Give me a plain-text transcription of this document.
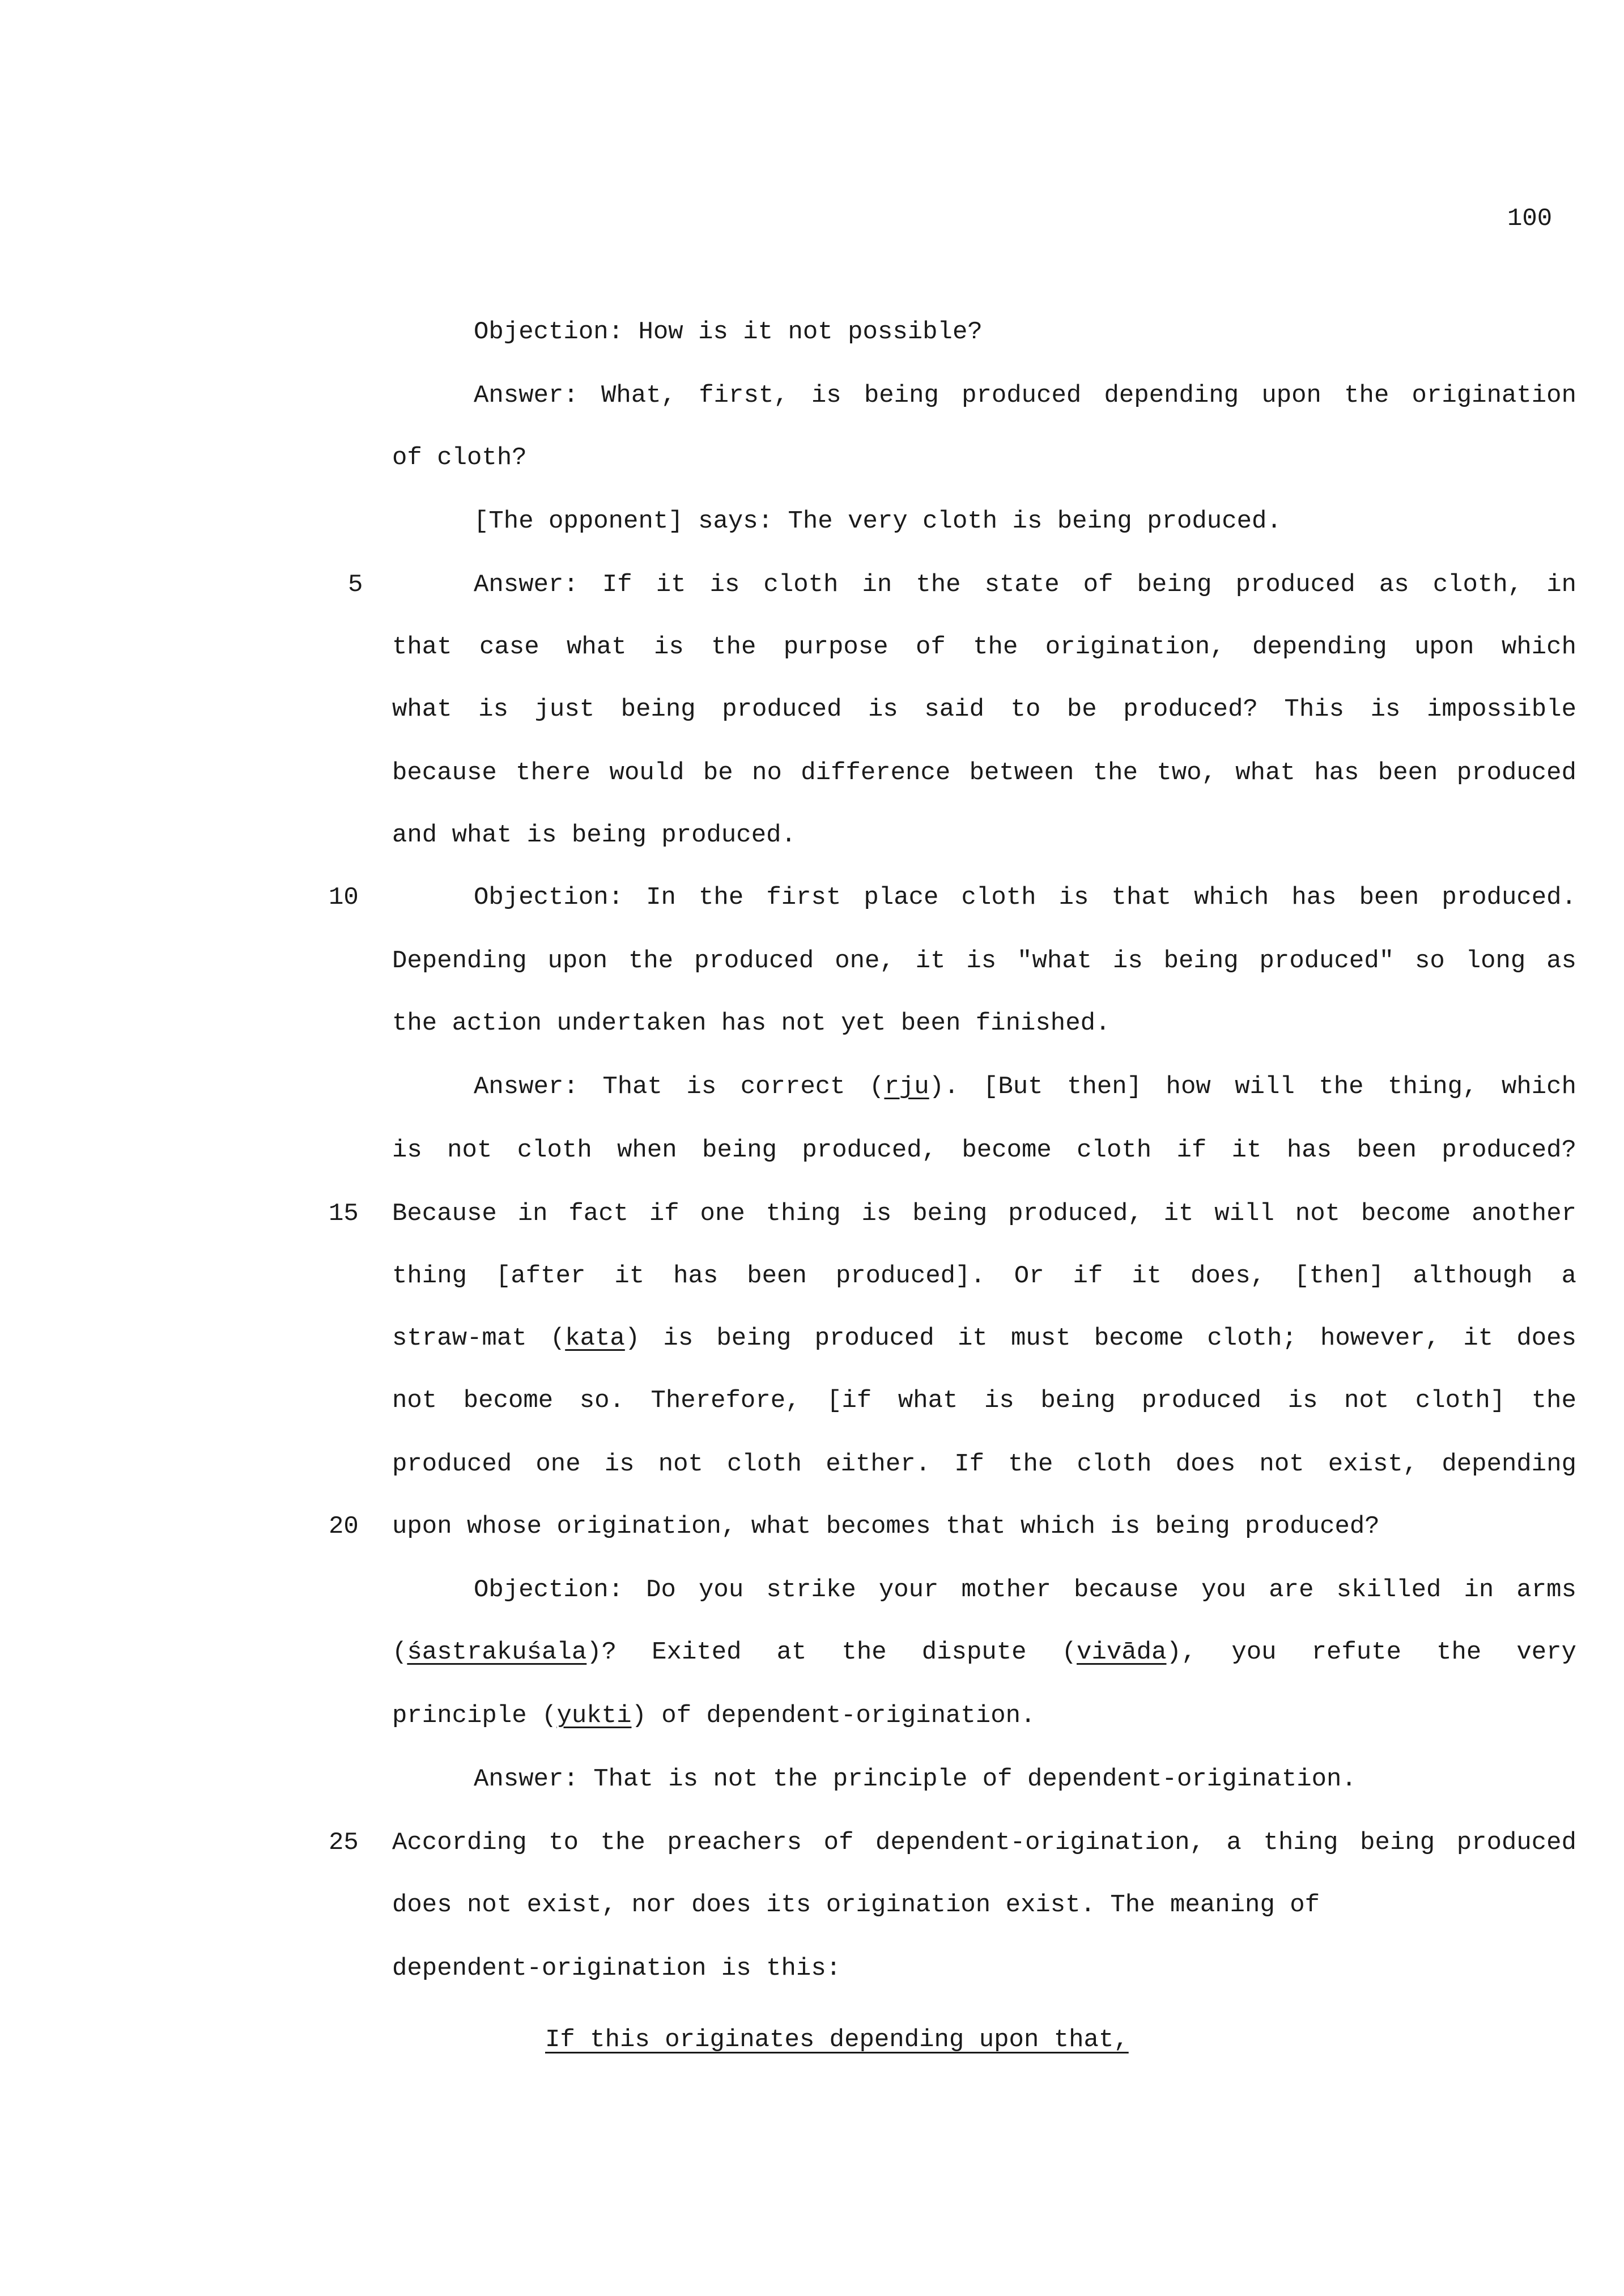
100
5
10
15
20
25
Objection: How is it not possible?
Answer: What, first, is being produced depending upon the origination
of cloth?
[The opponent] says: The very cloth is being produced.
Answer: If it is cloth in the state of being produced as cloth, in
that case what is the purpose of the origination, depending upon which
what is just being produced is said to be produced? This is impossible
because there would be no difference between the two, what has been produced
and what is being produced.
Objection: In the first place cloth is that which has been produced.
Depending upon the produced one, it is "what is being produced" so long as
the action undertaken has not yet been finished.
Answer: That is correct (rju). [But then] how will the thing, which
is not cloth when being produced, become cloth if it has been produced?
Because in fact if one thing is being produced, it will not become another
thing [after it has been produced]. Or if it does, [then] although a
straw-mat (kata) is being produced it must become cloth; however, it does
not become so. Therefore, [if what is being produced is not cloth] the
produced one is not cloth either. If the cloth does not exist, depending
upon whose origination, what becomes that which is being produced?
Objection: Do you strike your mother because you are skilled in arms
(śastrakuśala)? Exited at the dispute (vivāda), you refute the very
principle (yukti) of dependent-origination.
Answer: That is not the principle of dependent-origination.
According to the preachers of dependent-origination, a thing being produced
does not exist, nor does its origination exist. The meaning of
dependent-origination is this:
If this originates depending upon that,
